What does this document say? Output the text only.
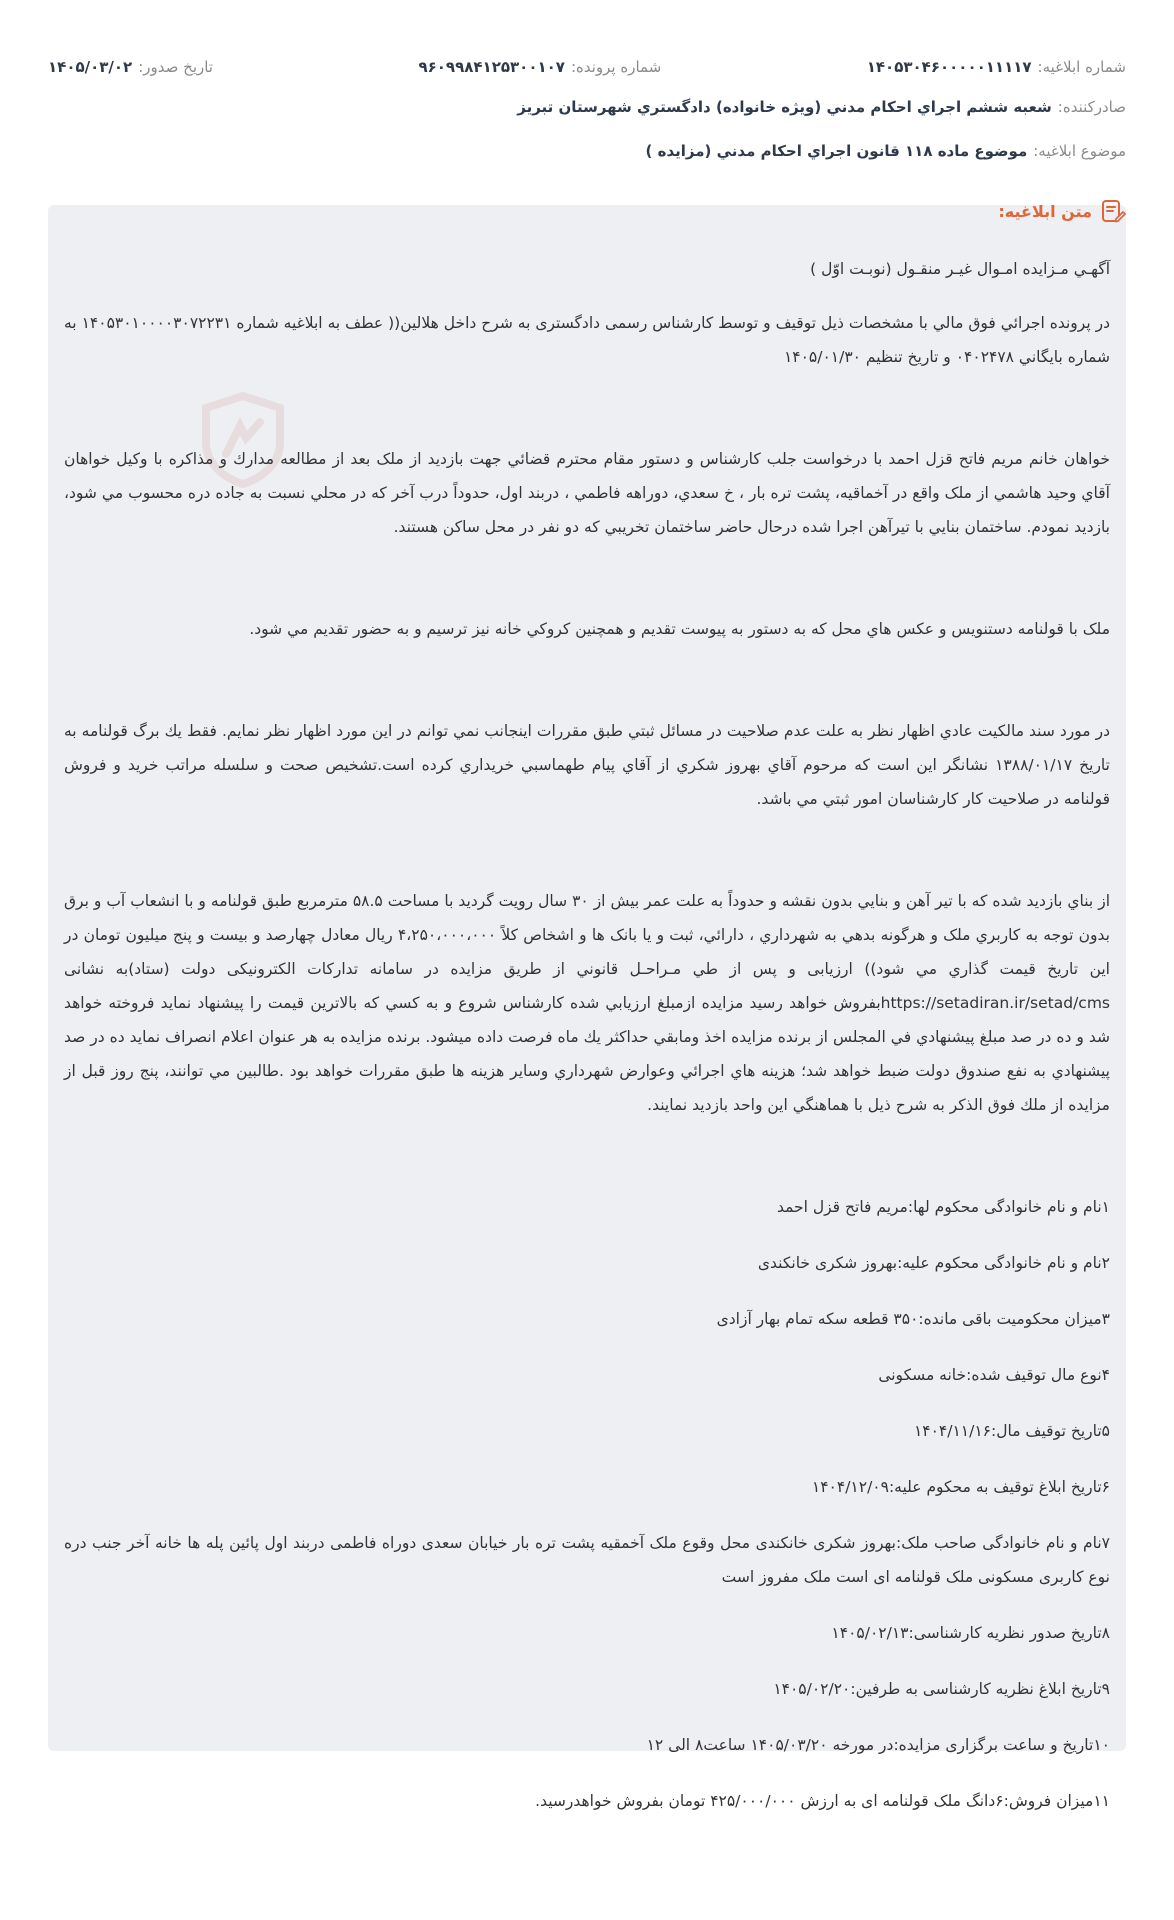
شماره ابلاغيه:
۱۴۰۵۳۰۴۶۰۰۰۰۰۱۱۱۱۷
شماره پرونده:
۹۶۰۹۹۸۴۱۲۵۳۰۰۱۰۷
تاريخ صدور:
۱۴۰۵/۰۳/۰۲
صادرکننده:
شعبه ششم اجراي احکام مدني (ويژه خانواده) دادگستري شهرستان تبريز
موضوع ابلاغيه:
موضوع ماده ۱۱۸ قانون اجراي احکام مدني (مزايده )
متن ابلاغيه:

آگهـي مـزايده امـوال غيـر منقـول (نوبـت اوّل )

در پرونده اجرائي فوق مالي با مشخصات ذيل توقيف و توسط کارشناس رسمی دادگستری به شرح داخل هلالين(( عطف به ابلاغيه شماره ۱۴۰۵۳۰۱۰۰۰۰۳۰۷۲۲۳۱ به شماره بايگاني ۰۴۰۲۴۷۸ و تاريخ تنظيم ۱۴۰۵/۰۱/۳۰

خواهان خانم مريم فاتح قزل احمد با درخواست جلب کارشناس و دستور مقام محترم قضائي جهت بازديد از ملک بعد از مطالعه مدارك و مذاكره با وكيل خواهان آقاي وحيد هاشمي از ملک واقع در آخماقيه، پشت تره بار ، خ سعدي، دوراهه فاطمي ، دربند اول، حدوداً درب آخر که در محلي نسبت به جاده دره محسوب مي شود، بازديد نمودم. ساختمان بنايي با تيرآهن اجرا شده درحال حاضر ساختمان تخريبي که دو نفر در محل ساکن هستند.

ملک با قولنامه دستنويس و عکس هاي محل که به دستور به پيوست تقديم و همچنين کروکي خانه نيز ترسيم و به حضور تقديم مي شود.

در مورد سند مالکيت عادي اظهار نظر به علت عدم صلاحيت در مسائل ثبتي طبق مقررات اينجانب نمي توانم در اين مورد اظهار نظر نمايم. فقط يك برگ قولنامه به تاريخ ۱۳۸۸/۰۱/۱۷ نشانگر اين است که مرحوم آقاي بهروز شکري از آقاي پيام طهماسبي خريداري کرده است.تشخيص صحت و سلسله مراتب خريد و فروش قولنامه در صلاحيت کار کارشناسان امور ثبتي مي باشد.

از بناي بازديد شده که با تير آهن و بنايي بدون نقشه و حدوداً به علت عمر بيش از ۳۰ سال رويت گرديد با مساحت ۵۸.۵ مترمربع طبق قولنامه و با انشعاب آب و برق بدون توجه به کاربري ملک و هرگونه بدهي به شهرداري ، دارائي، ثبت و يا بانک ها و اشخاص کلاً ۴،۲۵۰،۰۰۰،۰۰۰ ريال معادل چهارصد و بيست و پنج ميليون تومان در اين تاريخ قيمت گذاري مي شود)) ارزيابی و پس از طي مـراحـل قانوني از طريق مزايده در سامانه تدارکات الکترونيکی دولت (ستاد)به نشانی https://setadiran.ir/setad/cmsبفروش خواهد رسيد مزايده ازمبلغ ارزيابي شده کارشناس شروع و به کسي که بالاترين قيمت را پيشنهاد نمايد فروخته خواهد شد و ده در صد مبلغ پيشنهادي في المجلس از برنده مزايده اخذ ومابقي حداکثر يك ماه فرصت داده ميشود. برنده مزايده به هر عنوان اعلام انصراف نمايد ده در صد پيشنهادي به نفع صندوق دولت ضبط خواهد شد؛ هزينه هاي اجرائي وعوارض شهرداري وساير هزينه ها طبق مقررات خواهد بود .طالبين مي توانند، پنج روز قبل از مزايده از ملك فوق الذكر به شرح ذيل با هماهنگي اين واحد بازديد نمايند.

۱نام و نام خانوادگی محکوم لها:مریم فاتح قزل احمد

۲نام و نام خانوادگی محکوم علیه:بهروز شکری خانکندی

۳میزان محکومیت باقی مانده:۳۵۰ قطعه سکه تمام بهار آزادی

۴نوع مال توقیف شده:خانه مسکونی

۵تاریخ توقیف مال:۱۴۰۴/۱۱/۱۶

۶تاریخ ابلاغ توقیف به محکوم علیه:۱۴۰۴/۱۲/۰۹

۷نام و نام خانوادگی صاحب ملک:بهروز شکری خانکندی محل وقوع ملک آخمقیه پشت تره بار خیابان سعدی دوراه فاطمی دربند اول پائین پله ها خانه آخر جنب دره نوع کاربری مسکونی ملک قولنامه ای است ملک مفروز است

۸تاریخ صدور نظریه کارشناسی:۱۴۰۵/۰۲/۱۳

۹تاریخ ابلاغ نظریه کارشناسی به طرفین:۱۴۰۵/۰۲/۲۰

۱۰تاریخ و ساعت برگزاری مزایده:در مورخه ۱۴۰۵/۰۳/۲۰ ساعت۸ الی ۱۲

۱۱میزان فروش:۶دانگ ملک قولنامه ای به ارزش ۴۲۵/۰۰۰/۰۰۰ تومان بفروش خواهدرسید.
